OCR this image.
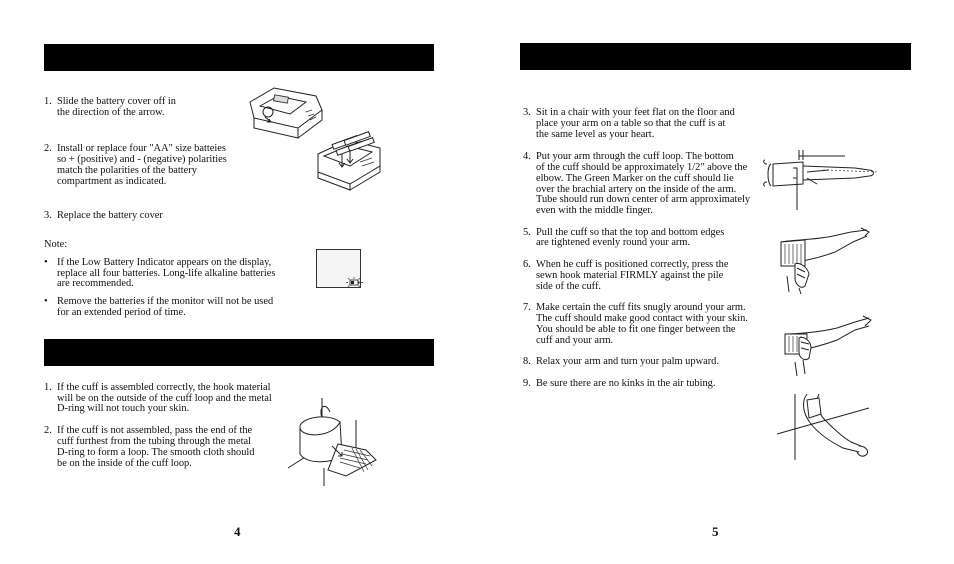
1. Slide the battery cover off in
the direction of the arrow.
2. Install or replace four "AA" size batteies
so + (positive) and - (negative) polarities
match the polarities of the battery
compartment as indicated.
3. Replace the battery cover
Note:
• If the Low Battery Indicator appears on the display,
replace all four batteries. Long-life alkaline batteries
are recommended.
• Remove the batteries if the monitor will not be used
for an extended period of time.
1. If the cuff is assembled correctly, the hook material
will be on the outside of the cuff loop and the metal
D-ring will not touch your skin.
2. If the cuff is not assembled, pass the end of the
cuff furthest from the tubing through the metal
D-ring to form a loop. The smooth cloth should
be on the inside of the cuff loop.
4
3. Sit in a chair with your feet flat on the floor and
place your arm on a table so that the cuff is at
the same level as your heart.
4. Put your arm through the cuff loop. The bottom
of the cuff should be approximately 1/2" above the
elbow. The Green Marker on the cuff should lie
over the brachial artery on the inside of the arm.
Tube should run down center of arm approximately
even with the middle finger.
5. Pull the cuff so that the top and bottom edges
are tightened evenly round your arm.
6. When he cuff is positioned correctly, press the
sewn hook material FIRMLY against the pile
side of the cuff.
7. Make certain the cuff fits snugly around your arm.
The cuff should make good contact with your skin.
You should be able to fit one finger between the
cuff and your arm.
8. Relax your arm and turn your palm upward.
9. Be sure there are no kinks in the air tubing.
5
